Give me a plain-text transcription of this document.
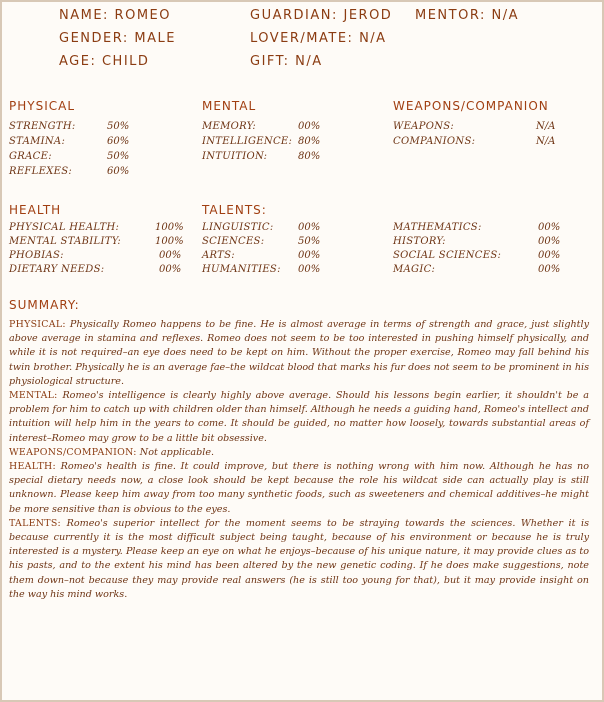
NAME: ROMEO
GENDER: MALE
AGE: CHILD
GUARDIAN: JEROD MENTOR: N/A
LOVER/MATE: N/A
GIFT: N/A
PHYSICAL
STRENGTH:	50%
STAMINA:	60%
GRACE:	50%
REFLEXES:	60%
MENTAL
MEMORY:	00%
INTELLIGENCE: 80%
INTUITION:	80%
WEAPONS/COMPANION
WEAPONS:	N/A
COMPANIONS:	N/A
HEALTH
PHYSICAL HEALTH:	100%
MENTAL STABILITY:	100%
PHOBIAS:	00%
DIETARY NEEDS:	00%
TALENTS:
LINGUISTIC: 00%
SCIENCES:	50%
ARTS:	00%
HUMANITIES: 00%
MATHEMATICS:	00%
HISTORY:	00%
SOCIAL SCIENCES:	00%
MAGIC:	00%
SUMMARY:

PHYSICAL: Physically Romeo happens to be fine. He is almost average in terms of strength and grace, just slightly above average in stamina and reflexes. Romeo does not seem to be too interested in pushing himself physically, and while it is not required–an eye does need to be kept on him. Without the proper exercise, Romeo may fall behind his twin brother. Physically he is an average fae–the wildcat blood that marks his fur does not seem to be prominent in his physiological structure.

MENTAL: Romeo's intelligence is clearly highly above average. Should his lessons begin earlier, it shouldn't be a problem for him to catch up with children older than himself. Although he needs a guiding hand, Romeo's intellect and intuition will help him in the years to come. It should be guided, no matter how loosely, towards substantial areas of interest–Romeo may grow to be a little bit obsessive.

WEAPONS/COMPANION: Not applicable.

HEALTH: Romeo's health is fine. It could improve, but there is nothing wrong with him now. Although he has no special dietary needs now, a close look should be kept because the role his wildcat side can actually play is still unknown. Please keep him away from too many synthetic foods, such as sweeteners and chemical additives–he might be more sensitive than is obvious to the eyes.

TALENTS: Romeo's superior intellect for the moment seems to be straying towards the sciences. Whether it is because currently it is the most difficult subject being taught, because of his environment or because he is truly interested is a mystery. Please keep an eye on what he enjoys–because of his unique nature, it may provide clues as to his pasts, and to the extent his mind has been altered by the new genetic coding. If he does make suggestions, note them down–not because they may provide real answers (he is still too young for that), but it may provide insight on the way his mind works.
